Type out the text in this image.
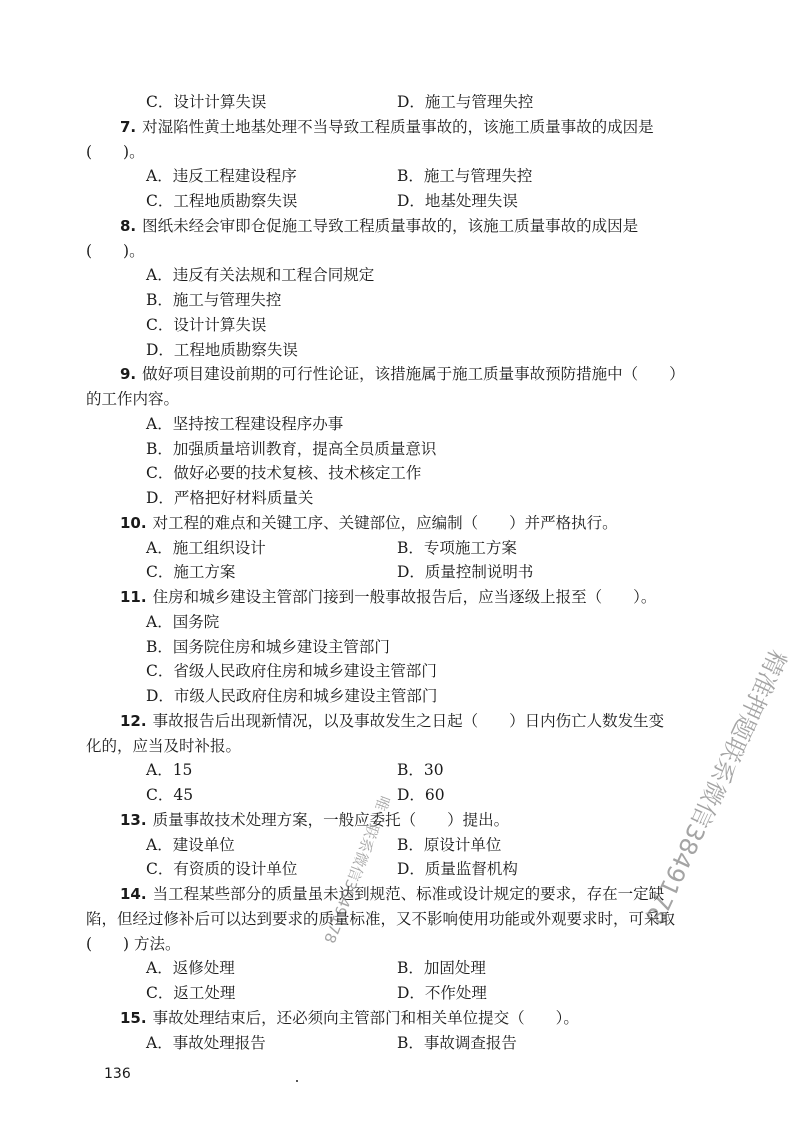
C．设计计算失误	D．施工与管理失控
7. 对湿陷性黄土地基处理不当导致工程质量事故的，该施工质量事故的成因是
(　　)。
A．违反工程建设程序	B．施工与管理失控
C．工程地质勘察失误	D．地基处理失误
8. 图纸未经会审即仓促施工导致工程质量事故的，该施工质量事故的成因是
(　　)。
A．违反有关法规和工程合同规定
B．施工与管理失控
C．设计计算失误
D．工程地质勘察失误
9. 做好项目建设前期的可行性论证，该措施属于施工质量事故预防措施中（　　）
的工作内容。
A．坚持按工程建设程序办事
B．加强质量培训教育，提高全员质量意识
C．做好必要的技术复核、技术核定工作
D．严格把好材料质量关
10. 对工程的难点和关键工序、关键部位，应编制（　　）并严格执行。
A．施工组织设计	B．专项施工方案
C．施工方案	D．质量控制说明书
11. 住房和城乡建设主管部门接到一般事故报告后，应当逐级上报至（　　）。
A．国务院
B．国务院住房和城乡建设主管部门
C．省级人民政府住房和城乡建设主管部门
D．市级人民政府住房和城乡建设主管部门
12. 事故报告后出现新情况，以及事故发生之日起（　　）日内伤亡人数发生变
化的，应当及时补报。
A．15	B．30
C．45	D．60
13. 质量事故技术处理方案，一般应委托（　　）提出。
A．建设单位	B．原设计单位
C．有资质的设计单位	D．质量监督机构
14. 当工程某些部分的质量虽未达到规范、标准或设计规定的要求，存在一定缺
陷，但经过修补后可以达到要求的质量标准，又不影响使用功能或外观要求时，可采取
(　　) 方法。
A．返修处理	B．加固处理
C．返工处理	D．不作处理
15. 事故处理结束后，还必须向主管部门和相关单位提交（　　）。
A．事故处理报告	B．事故调查报告
精准押题联系微信3849178
唯一联系微信3849178
136
